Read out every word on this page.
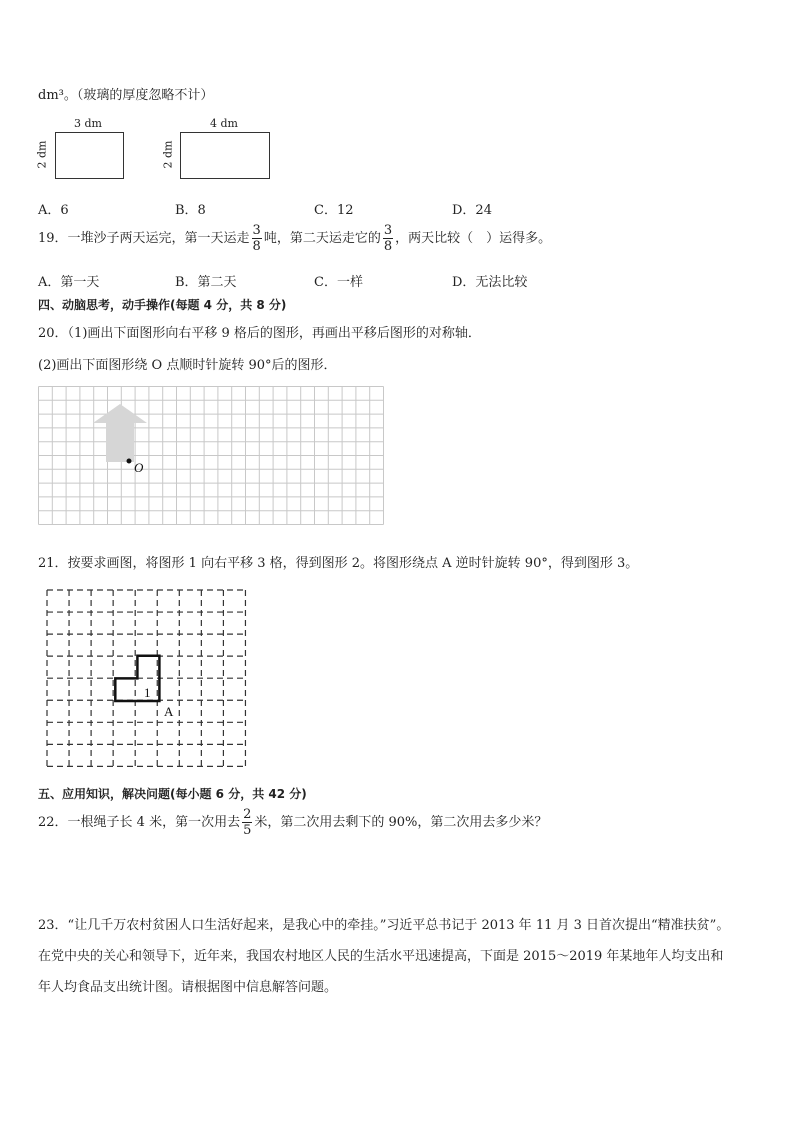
dm³。（玻璃的厚度忽略不计）
3 dm
2 dm
4 dm
2 dm
A．6	B．8	C．12	D．24
19．一堆沙子两天运完，第一天运走 $\frac{3}{8}$ 吨，第二天运走它的 $\frac{3}{8}$ ，两天比较（　）运得多。
A．第一天	B．第二天	C．一样	D．无法比较
四、动脑思考，动手操作(每题 4 分，共 8 分)
20．（1)画出下面图形向右平移 9 格后的图形，再画出平移后图形的对称轴．
(2)画出下面图形绕 O 点顺时针旋转 90°后的图形．
O
21．按要求画图，将图形 1 向右平移 3 格，得到图形 2。将图形绕点 A 逆时针旋转 90°，得到图形 3。
1
A
五、应用知识，解决问题(每小题 6 分，共 42 分)
22．一根绳子长 4 米，第一次用去 $\frac{2}{5}$ 米，第二次用去剩下的 90%，第二次用去多少米？
23．“让几千万农村贫困人口生活好起来，是我心中的牵挂。”习近平总书记于 2013 年 11 月 3 日首次提出“精准扶贫”。
在党中央的关心和领导下，近年来，我国农村地区人民的生活水平迅速提高，下面是 2015～2019 年某地年人均支出和
年人均食品支出统计图。请根据图中信息解答问题。
